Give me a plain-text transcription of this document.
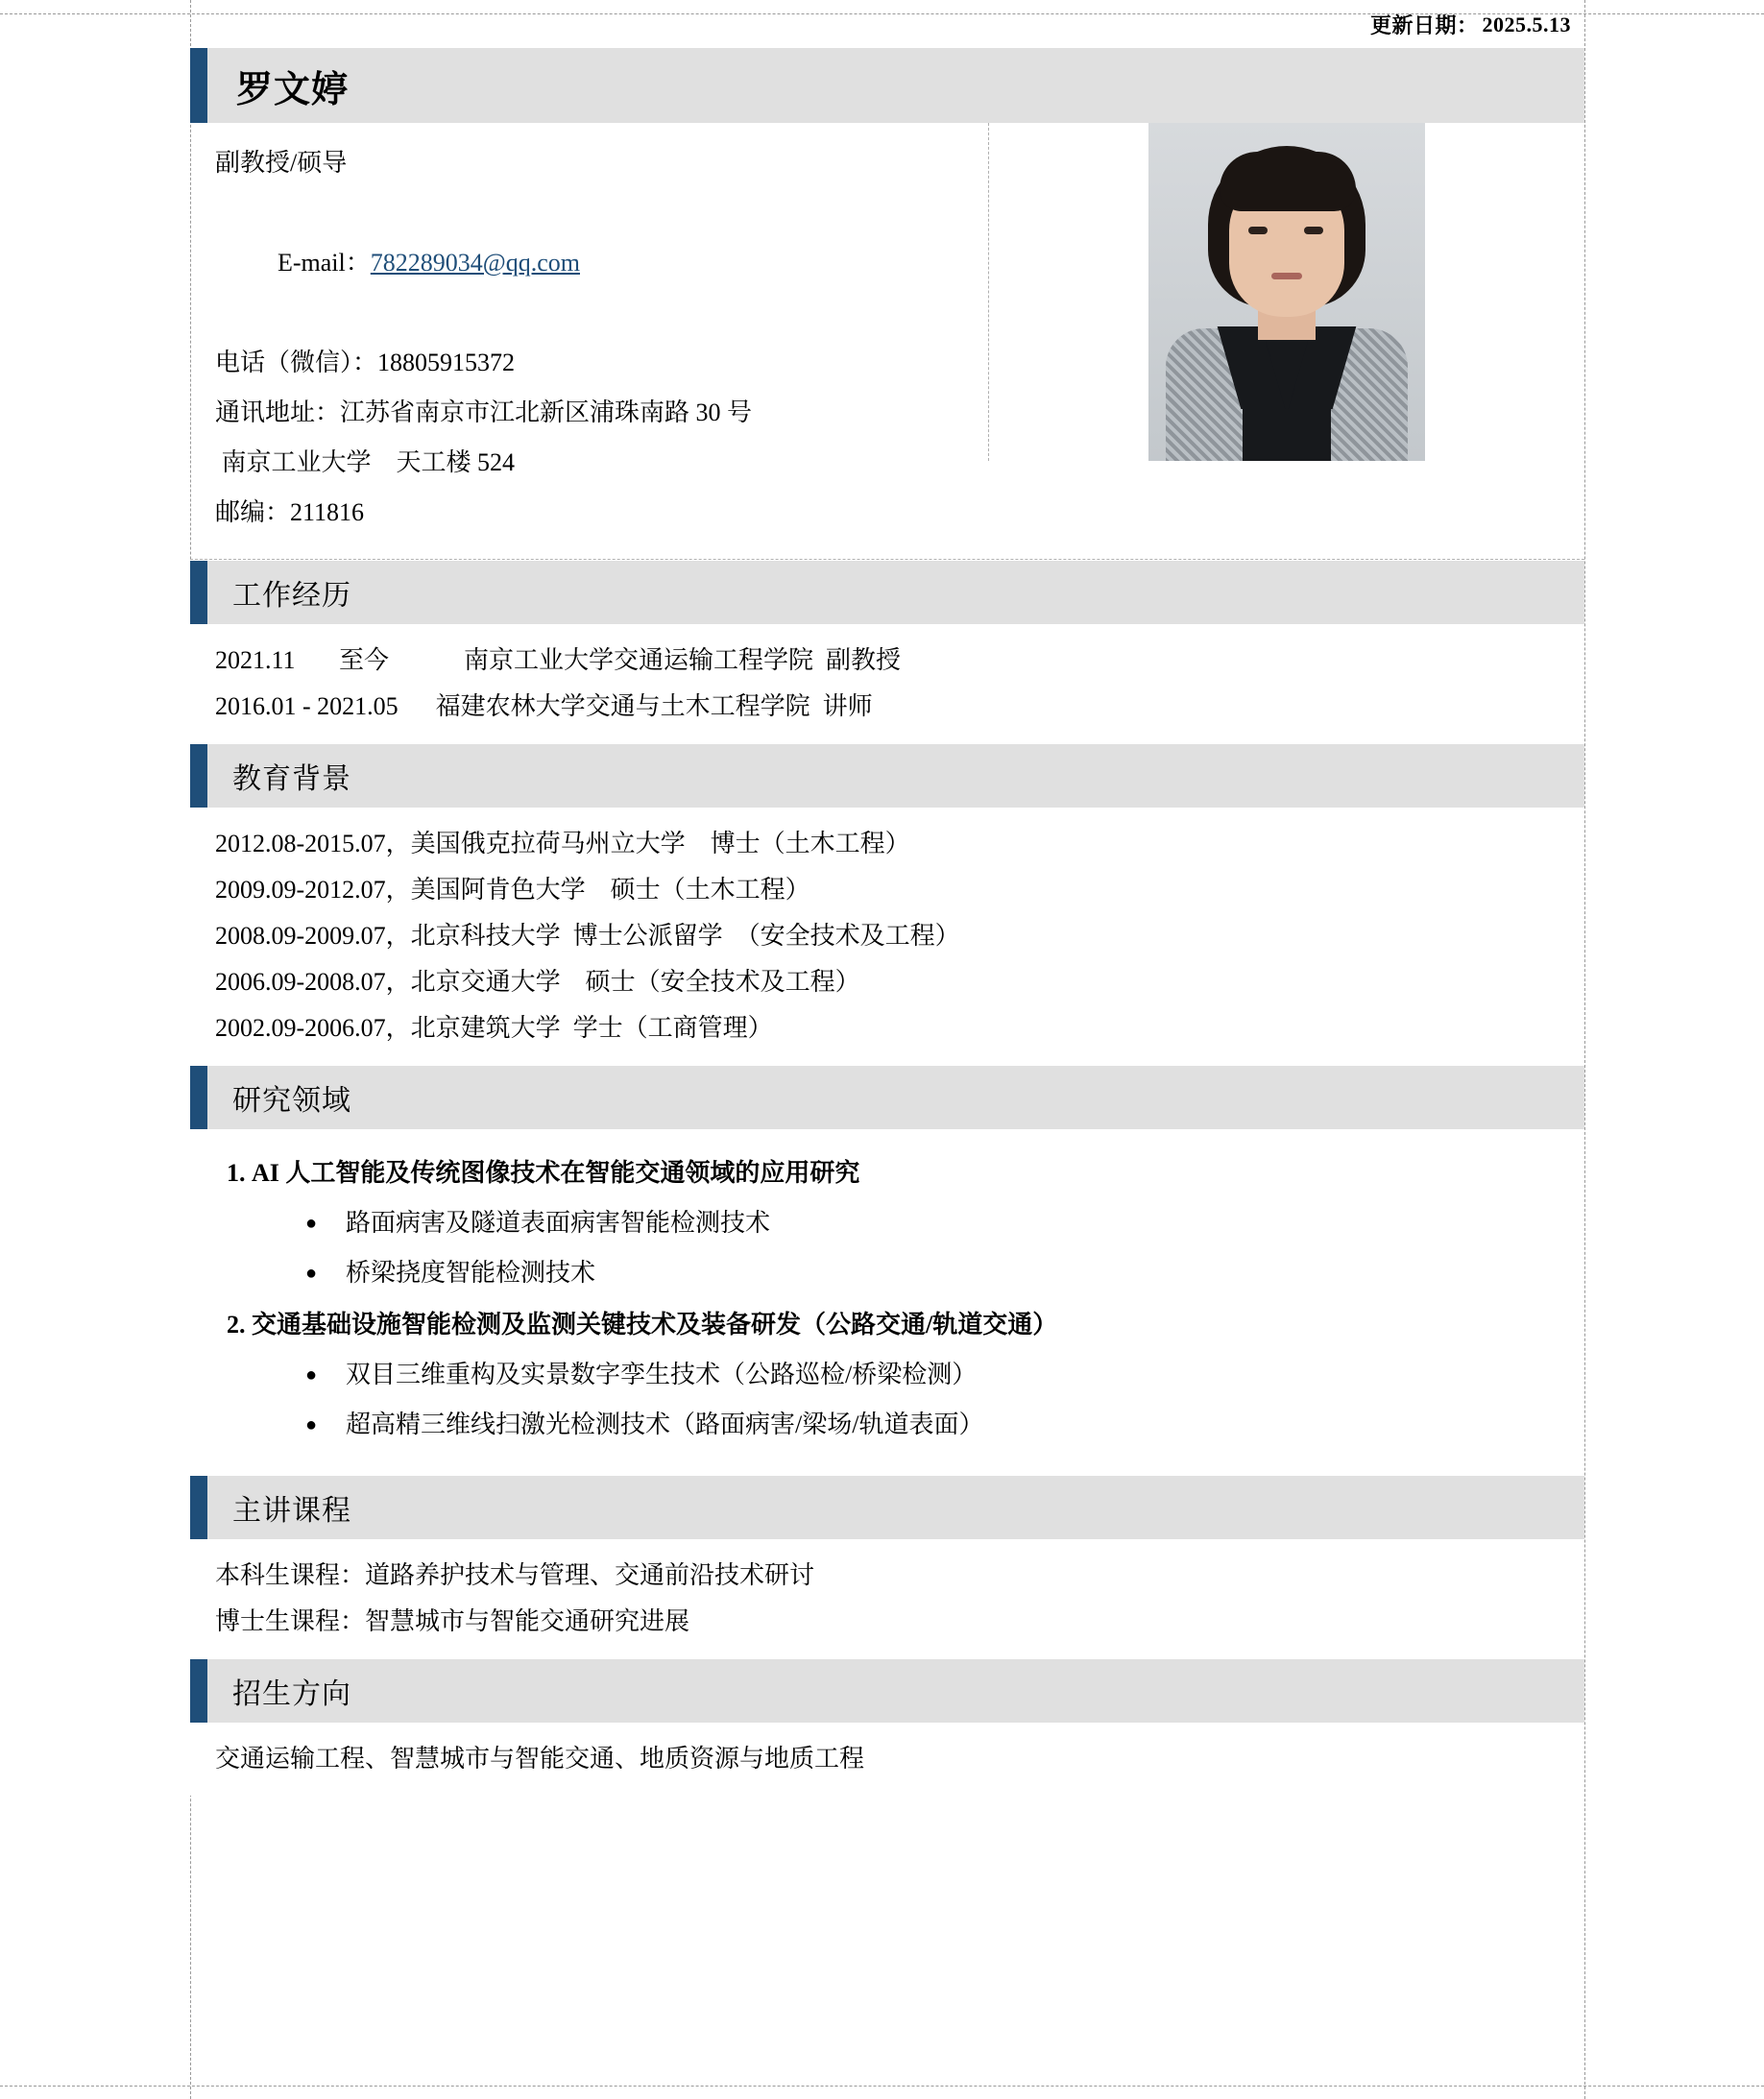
更新日期： 2025.5.13
罗文婷
副教授/硕导

E-mail：782289034@qq.com

电话（微信）：18805915372
通讯地址：江苏省南京市江北新区浦珠南路 30 号
南京工业大学    天工楼 524
邮编：211816
工作经历
2021.11       至今            南京工业大学交通运输工程学院  副教授
2016.01 - 2021.05      福建农林大学交通与土木工程学院  讲师
教育背景
2012.08-2015.07，美国俄克拉荷马州立大学    博士（土木工程）
2009.09-2012.07，美国阿肯色大学    硕士（土木工程）
2008.09-2009.07，北京科技大学  博士公派留学  （安全技术及工程）
2006.09-2008.07，北京交通大学    硕士（安全技术及工程）
2002.09-2006.07，北京建筑大学  学士（工商管理）
研究领域
1. AI 人工智能及传统图像技术在智能交通领域的应用研究
● 路面病害及隧道表面病害智能检测技术
● 桥梁挠度智能检测技术
2. 交通基础设施智能检测及监测关键技术及装备研发（公路交通/轨道交通）
● 双目三维重构及实景数字孪生技术（公路巡检/桥梁检测）
● 超高精三维线扫激光检测技术（路面病害/梁场/轨道表面）
主讲课程
本科生课程：道路养护技术与管理、交通前沿技术研讨
博士生课程：智慧城市与智能交通研究进展
招生方向
交通运输工程、智慧城市与智能交通、地质资源与地质工程
